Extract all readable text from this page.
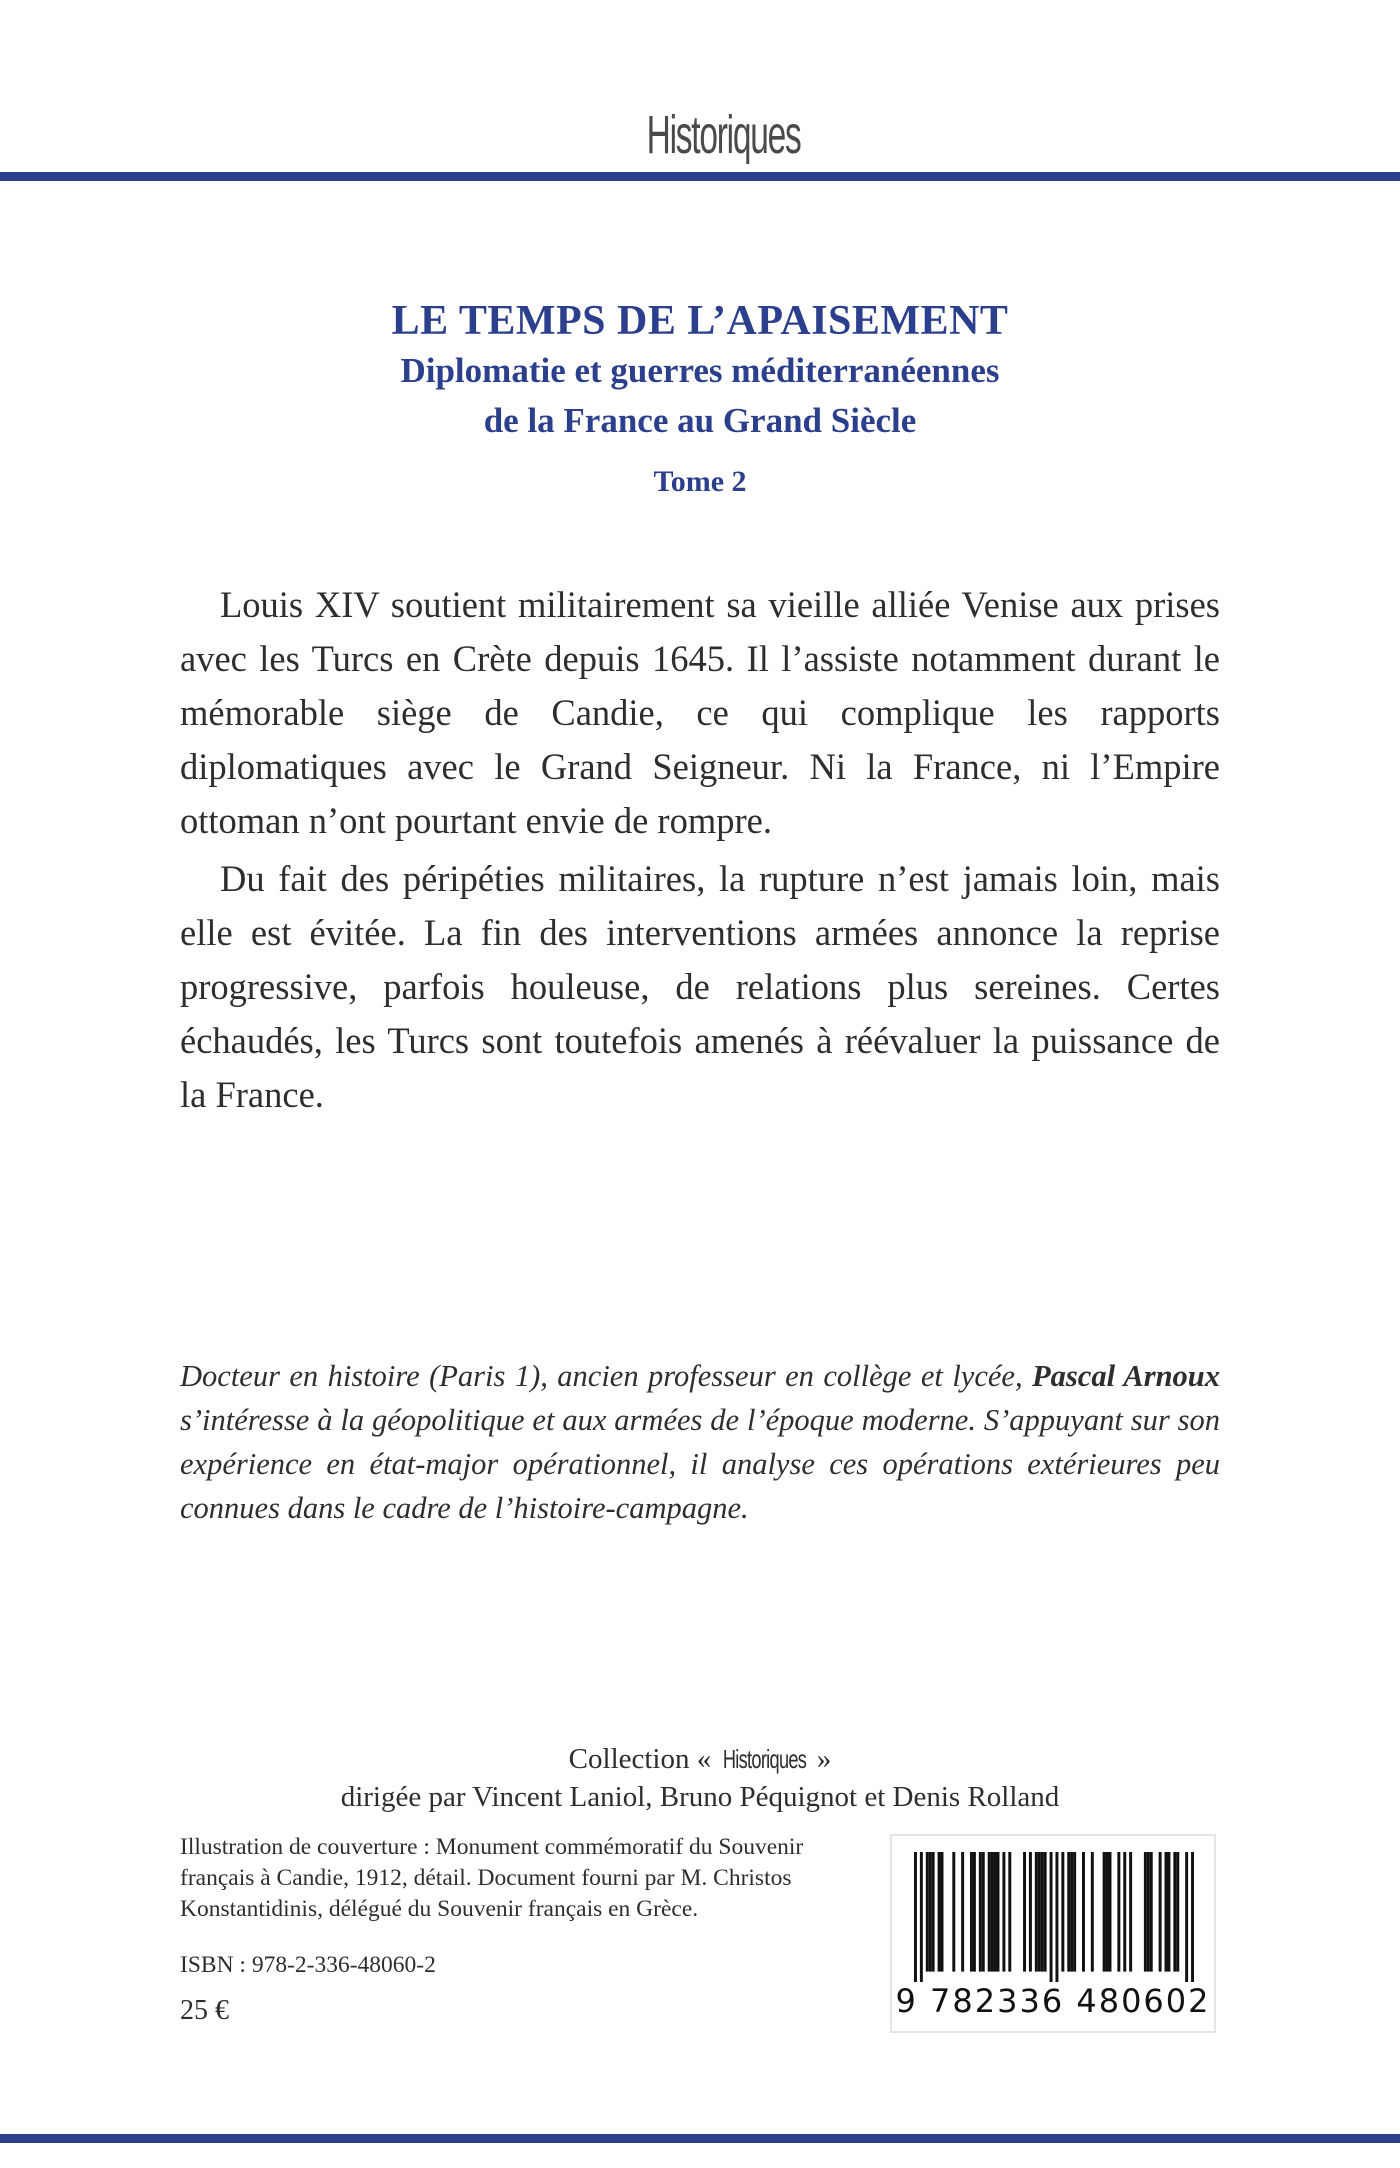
Historiques
LE TEMPS DE L’APAISEMENT
Diplomatie et guerres méditerranéennes
de la France au Grand Siècle
Tome 2

Louis XIV soutient militairement sa vieille alliée Venise aux prises avec les Turcs en Crète depuis 1645. Il l’assiste notamment durant le mémorable siège de Candie, ce qui complique les rapports diplomatiques avec le Grand Seigneur. Ni la France, ni l’Empire ottoman n’ont pourtant envie de rompre.

Du fait des péripéties militaires, la rupture n’est jamais loin, mais elle est évitée. La fin des interventions armées annonce la reprise progressive, parfois houleuse, de relations plus sereines. Certes échaudés, les Turcs sont toutefois amenés à réévaluer la puissance de la France.

Docteur en histoire (Paris 1), ancien professeur en collège et lycée, Pascal Arnoux s’intéresse à la géopolitique et aux armées de l’époque moderne. S’appuyant sur son expérience en état-major opérationnel, il analyse ces opérations extérieures peu connues dans le cadre de l’histoire-campagne.
Collection « Historiques »
dirigée par Vincent Laniol, Bruno Péquignot et Denis Rolland
Illustration de couverture : Monument commémoratif du Souvenir français à Candie, 1912, détail. Document fourni par M. Christos Konstantidinis, délégué du Souvenir français en Grèce.
ISBN : 978-2-336-48060-2
25 €	9 782336 480602
